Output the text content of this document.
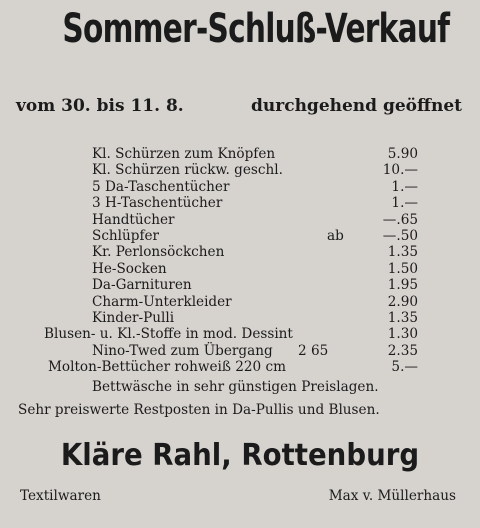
Sommer-Schluß-Verkauf
vom 30. bis 11. 8.	durchgehend geöffnet
Kl. Schürzen zum Knöpfen	5.90
Kl. Schürzen rückw. geschl.	10.—
5 Da-Taschentücher	1.—
3 H-Taschentücher	1.—
Handtücher	—.65
Schlüpfer	ab	—.50
Kr. Perlonsöckchen	1.35
He-Socken	1.50
Da-Garnituren	1.95
Charm-Unterkleider	2.90
Kinder-Pulli	1.35
Blusen- u. Kl.-Stoffe in mod. Dessint	1.30
Nino-Twed zum Übergang 2 65	2.35
Molton-Bettücher rohweiß 220 cm	5.—
Bettwäsche in sehr günstigen Preislagen.
Sehr preiswerte Restposten in Da-Pullis und Blusen.
Kläre Rahl, Rottenburg
Textilwaren	Max v. Müllerhaus
